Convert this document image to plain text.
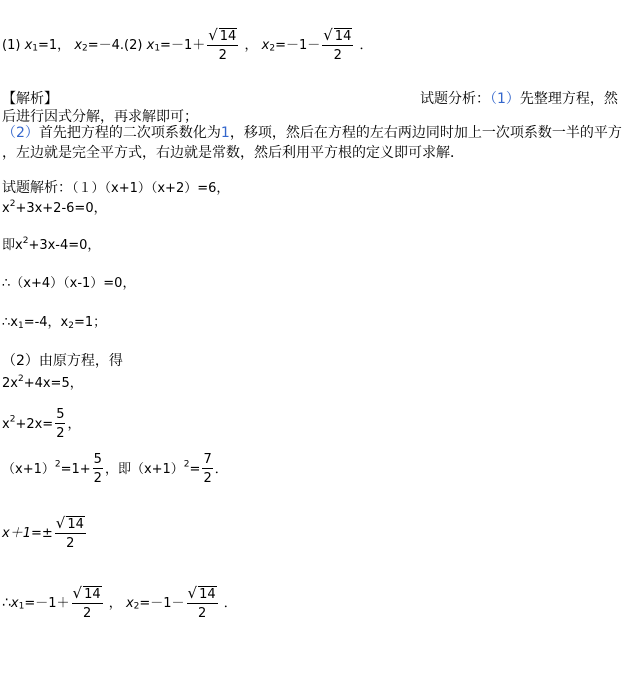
(1) $x_1=1$， $x_2=-4.(2)$ $x_1=-1+ \frac{√ 14}{2}$ ， $x_2=-1- \frac{√ 14}{2}$ ．
【解析】	试题分析：（1）先整理方程，然
后进行因式分解，再求解即可；
（2）首先把方程的二次项系数化为1，移项，然后在方程的左右两边同时加上一次项系数一半的平方
，左边就是完全平方式，右边就是常数，然后利用平方根的定义即可求解．
试题解析：（１）（x+1）（x+2）=6，
$x^2+3x+2-6=0$，
即$x^2+3x-4=0$，
∴（x+4）（x-1）=0，
$\therefore x_1=-4$，$x_2=1$；
（2）由原方程，得
$2x^2+4x=5$，
$x^2+2x= \frac{5}{2}$ ，
$(x+1)^2=1+ \frac{5}{2}$ ，即$(x+1)^2= \frac{7}{2}$ ．
$x+1=\pm \frac{√ 14}{2}$
$\therefore x_1=-1+ \frac{√ 14}{2}$ ， $x_2=-1- \frac{√ 14}{2}$ ．
